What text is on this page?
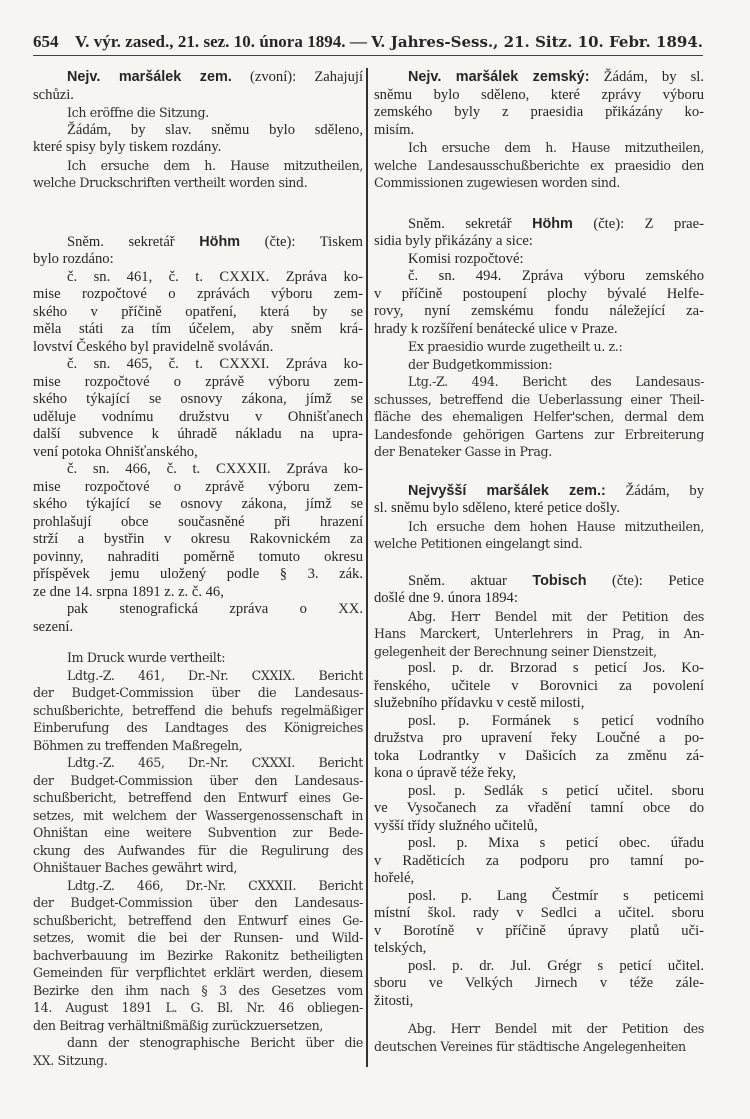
654 V. výr. zased., 21. sez. 10. února 1894. — V. Jahres-Sess., 21. Sitz. 10. Febr. 1894.
Nejv. maršálek zem. (zvoní): Zahajují
schůzi.
Ich eröffne die Sitzung.
Žádám, by slav. sněmu bylo sděleno,
které spisy byly tiskem rozdány.
Ich ersuche dem h. Hause mitzutheilen,
welche Druckschriften vertheilt worden sind.
Sněm. sekretář Höhm (čte): Tiskem
bylo rozdáno:
č. sn. 461, č. t. CXXIX. Zpráva ko-
mise rozpočtové o zprávách výboru zem-
ského v příčině opatření, která by se
měla státi za tím účelem, aby sněm krá-
lovství Českého byl pravidelně svoláván.
č. sn. 465, č. t. CXXXI. Zpráva ko-
mise rozpočtové o zprávě výboru zem-
ského týkající se osnovy zákona, jímž se
uděluje vodnímu družstvu v Ohnišťanech
další subvence k úhradě nákladu na upra-
vení potoka Ohnišťanského,
č. sn. 466, č. t. CXXXII. Zpráva ko-
mise rozpočtové o zprávě výboru zem-
ského týkající se osnovy zákona, jímž se
prohlašují obce současněné při hrazení
strží a bystřin v okresu Rakovnickém za
povinny, nahraditi poměrně tomuto okresu
příspěvek jemu uložený podle § 3. zák.
ze dne 14. srpna 1891 z. z. č. 46,
pak stenografická zpráva o XX.
sezení.
Im Druck wurde vertheilt:
Ldtg.-Z. 461, Dr.-Nr. CXXIX. Bericht
der Budget-Commission über die Landesaus-
schußberichte, betreffend die behufs regelmäßiger
Einberufung des Landtages des Königreiches
Böhmen zu treffenden Maßregeln,
Ldtg.-Z. 465, Dr.-Nr. CXXXI. Bericht
der Budget-Commission über den Landesaus-
schußbericht, betreffend den Entwurf eines Ge-
setzes, mit welchem der Wassergenossenschaft in
Ohništan eine weitere Subvention zur Bede-
ckung des Aufwandes für die Regulirung des
Ohništauer Baches gewährt wird,
Ldtg.-Z. 466, Dr.-Nr. CXXXII. Bericht
der Budget-Commission über den Landesaus-
schußbericht, betreffend den Entwurf eines Ge-
setzes, womit die bei der Runsen- und Wild-
bachverbauung im Bezirke Rakonitz betheiligten
Gemeinden für verpflichtet erklärt werden, diesem
Bezirke den ihm nach § 3 des Gesetzes vom
14. August 1891 L. G. Bl. Nr. 46 obliegen-
den Beitrag verhältnißmäßig zurückzuersetzen,
dann der stenographische Bericht über die
XX. Sitzung.
Nejv. maršálek zemský: Žádám, by sl.
sněmu bylo sděleno, které zprávy výboru
zemského byly z praesidia přikázány ko-
misím.
Ich ersuche dem h. Hause mitzutheilen,
welche Landesausschußberichte ex praesidio den
Commissionen zugewiesen worden sind.
Sněm. sekretář Höhm (čte): Z prae-
sidia byly přikázány a sice:
Komisi rozpočtové:
č. sn. 494. Zpráva výboru zemského
v příčině postoupení plochy bývalé Helfe-
rovy, nyní zemskému fondu náležející za-
hrady k rozšíření benátecké ulice v Praze.
Ex praesidio wurde zugetheilt u. z.:
der Budgetkommission:
Ltg.-Z. 494. Bericht des Landesaus-
schusses, betreffend die Ueberlassung einer Theil-
fläche des ehemaligen Helfer'schen, dermal dem
Landesfonde gehörigen Gartens zur Erbreiterung
der Benateker Gasse in Prag.
Nejvyšší maršálek zem.: Žádám, by
sl. sněmu bylo sděleno, které petice došly.
Ich ersuche dem hohen Hause mitzutheilen,
welche Petitionen eingelangt sind.
Sněm. aktuar Tobisch (čte): Petice
došlé dne 9. února 1894:
Abg. Herr Bendel mit der Petition des
Hans Marckert, Unterlehrers in Prag, in An-
gelegenheit der Berechnung seiner Dienstzeit,
posl. p. dr. Brzorad s peticí Jos. Ko-
řenského, učitele v Borovnici za povolení
služebního přídavku v cestě milosti,
posl. p. Formánek s peticí vodního
družstva pro upravení řeky Loučné a po-
toka Lodrantky v Dašicích za změnu zá-
kona o úpravě téže řeky,
posl. p. Sedlák s peticí učitel. sboru
ve Vysočanech za vřadění tamní obce do
vyšší třídy služného učitelů,
posl. p. Mixa s peticí obec. úřadu
v Raděticích za podporu pro tamní po-
hořelé,
posl. p. Lang Čestmír s peticemi
místní škol. rady v Sedlci a učitel. sboru
v Borotíně v příčině úpravy platů uči-
telských,
posl. p. dr. Jul. Grégr s peticí učitel.
sboru ve Velkých Jirnech v téže zále-
žitosti,
Abg. Herr Bendel mit der Petition des
deutschen Vereines für städtische Angelegenheiten
